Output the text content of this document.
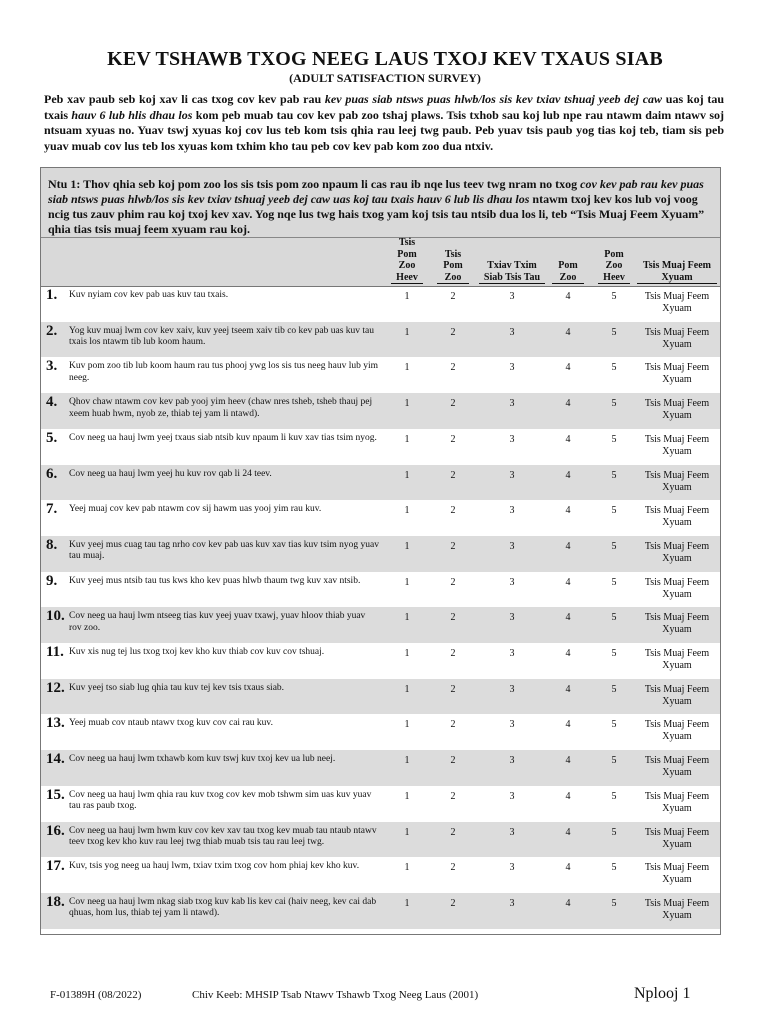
KEV TSHAWB TXOG NEEG LAUS TXOJ KEV TXAUS SIAB
(ADULT SATISFACTION SURVEY)
Peb xav paub seb koj xav li cas txog cov kev pab rau kev puas siab ntsws puas hlwb/los sis kev txiav tshuaj yeeb dej caw uas koj tau txais hauv 6 lub hlis dhau los kom peb muab tau cov kev pab zoo tshaj plaws. Tsis txhob sau koj lub npe rau ntawm daim ntawv soj ntsuam xyuas no. Yuav tswj xyuas koj cov lus teb kom tsis qhia rau leej twg paub. Peb yuav tsis paub yog tias koj teb, tiam sis peb yuav muab cov lus teb los xyuas kom txhim kho tau peb cov kev pab kom zoo dua ntxiv.
Ntu 1: Thov qhia seb koj pom zoo los sis tsis pom zoo npaum li cas rau ib nqe lus teev twg nram no txog cov kev pab rau kev puas siab ntsws puas hlwb/los sis kev txiav tshuaj yeeb dej caw uas koj tau txais hauv 6 lub lis dhau los ntawm txoj kev kos lub voj voog ncig tus zauv phim rau koj txoj kev xav. Yog nqe lus twg hais txog yam koj tsis tau ntsib dua los li, teb “Tsis Muaj Feem Xyuam” qhia tias tsis muaj feem xyuam rau koj.
Tsis Pom Zoo Heev
Tsis Pom Zoo
Txiav Txim Siab Tsis Tau
Pom Zoo
Pom Zoo Heev
Tsis Muaj Feem Xyuam
1. Kuv nyiam cov kev pab uas kuv tau txais.	1	2	3	4	5	Tsis Muaj Feem Xyuam
2. Yog kuv muaj lwm cov kev xaiv, kuv yeej tseem xaiv tib co kev pab uas kuv tau txais los ntawm tib lub koom haum.
1	2	3	4	5	Tsis Muaj Feem Xyuam
3. Kuv pom zoo tib lub koom haum rau tus phooj ywg los sis tus neeg hauv lub yim neeg.
1	2	3	4	5	Tsis Muaj Feem Xyuam
4. Qhov chaw ntawm cov kev pab yooj yim heev (chaw nres tsheb, tsheb thauj pej xeem huab hwm, nyob ze, thiab tej yam li ntawd).
1	2	3	4	5	Tsis Muaj Feem Xyuam
5. Cov neeg ua hauj lwm yeej txaus siab ntsib kuv npaum li kuv xav tias tsim nyog.	1	2	3	4	5	Tsis Muaj Feem Xyuam
6. Cov neeg ua hauj lwm yeej hu kuv rov qab li 24 teev.	1	2	3	4	5	Tsis Muaj Feem Xyuam
7. Yeej muaj cov kev pab ntawm cov sij hawm uas yooj yim rau kuv.	1	2	3	4	5	Tsis Muaj Feem Xyuam
8. Kuv yeej mus cuag tau tag nrho cov kev pab uas kuv xav tias kuv tsim nyog yuav tau muaj.
1	2	3	4	5	Tsis Muaj Feem Xyuam
9. Kuv yeej mus ntsib tau tus kws kho kev puas hlwb thaum twg kuv xav ntsib.	1	2	3	4	5	Tsis Muaj Feem Xyuam
10. Cov neeg ua hauj lwm ntseeg tias kuv yeej yuav txawj, yuav hloov thiab yuav rov zoo.
1	2	3	4	5	Tsis Muaj Feem Xyuam
11. Kuv xis nug tej lus txog txoj kev kho kuv thiab cov kuv cov tshuaj.	1	2	3	4	5	Tsis Muaj Feem Xyuam
12. Kuv yeej tso siab lug qhia tau kuv tej kev tsis txaus siab.	1	2	3	4	5	Tsis Muaj Feem Xyuam
13. Yeej muab cov ntaub ntawv txog kuv cov cai rau kuv.	1	2	3	4	5	Tsis Muaj Feem Xyuam
14. Cov neeg ua hauj lwm txhawb kom kuv tswj kuv txoj kev ua lub neej.	1	2	3	4	5	Tsis Muaj Feem Xyuam
15. Cov neeg ua hauj lwm qhia rau kuv txog cov kev mob tshwm sim uas kuv yuav tau ras paub txog.
1	2	3	4	5	Tsis Muaj Feem Xyuam
16. Cov neeg ua hauj lwm hwm kuv cov kev xav tau txog kev muab tau ntaub ntawv teev txog kev kho kuv rau leej twg thiab muab tsis tau rau leej twg.
1	2	3	4	5	Tsis Muaj Feem Xyuam
17. Kuv, tsis yog neeg ua hauj lwm, txiav txim txog cov hom phiaj kev kho kuv.	1	2	3	4	5	Tsis Muaj Feem Xyuam
18. Cov neeg ua hauj lwm nkag siab txog kuv kab lis kev cai (haiv neeg, kev cai dab qhuas, hom lus, thiab tej yam li ntawd).
1	2	3	4	5	Tsis Muaj Feem Xyuam
F-01389H (08/2022)	Chiv Keeb: MHSIP Tsab Ntawv Tshawb Txog Neeg Laus (2001)	Nplooj 1
